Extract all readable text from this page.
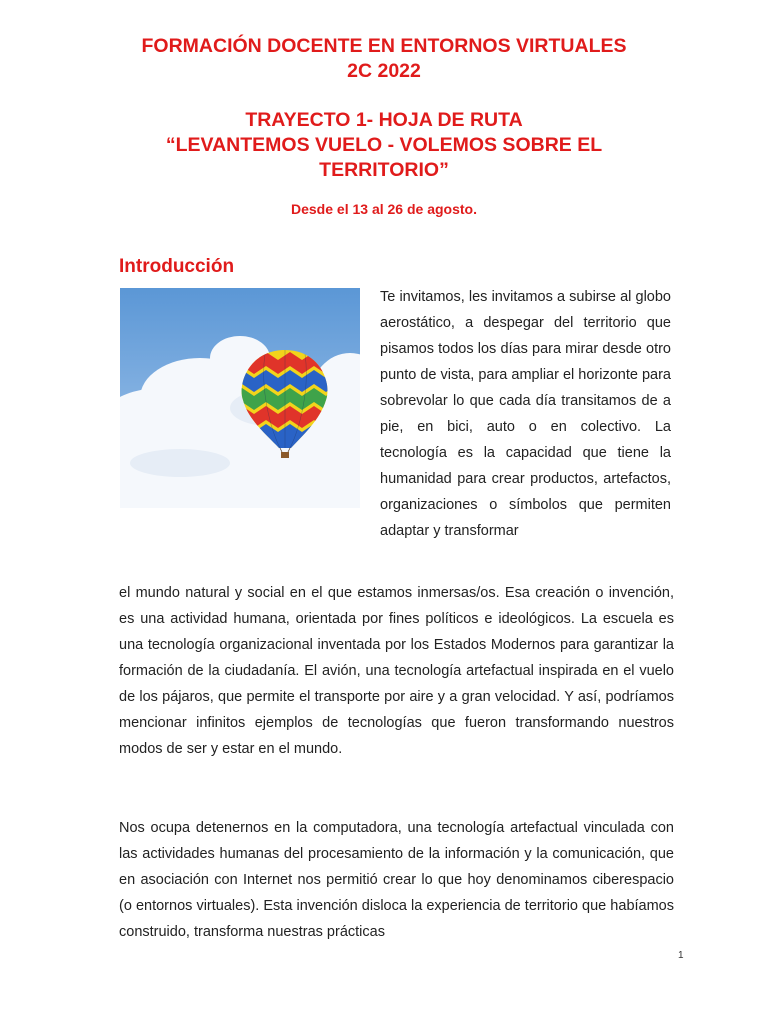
FORMACIÓN DOCENTE EN ENTORNOS VIRTUALES
2C 2022
TRAYECTO 1- HOJA DE RUTA
“LEVANTEMOS VUELO - VOLEMOS SOBRE EL
TERRITORIO”
Desde el 13 al 26 de agosto.
Introducción

Te invitamos, les invitamos a subirse al globo aerostático, a despegar del territorio que pisamos todos los días para mirar desde otro punto de vista, para ampliar el horizonte para sobrevolar lo que cada día transitamos de a pie, en bici, auto o en colectivo. La tecnología es la capacidad que tiene la humanidad para crear productos, artefactos, organizaciones o símbolos que permiten adaptar y transformar

el mundo natural y social en el que estamos inmersas/os. Esa creación o invención, es una actividad humana, orientada por fines políticos e ideológicos. La escuela es una tecnología organizacional inventada por los Estados Modernos para garantizar la formación de la ciudadanía. El avión, una tecnología artefactual inspirada en el vuelo de los pájaros, que permite el transporte por aire y a gran velocidad. Y así, podríamos mencionar infinitos ejemplos de tecnologías que fueron transformando nuestros modos de ser y estar en el mundo.

Nos ocupa detenernos en la computadora, una tecnología artefactual vinculada con las actividades humanas del procesamiento de la información y la comunicación, que en asociación con Internet nos permitió crear lo que hoy denominamos ciberespacio (o entornos virtuales). Esta invención disloca la experiencia de territorio que habíamos construido, transforma nuestras prácticas

1
